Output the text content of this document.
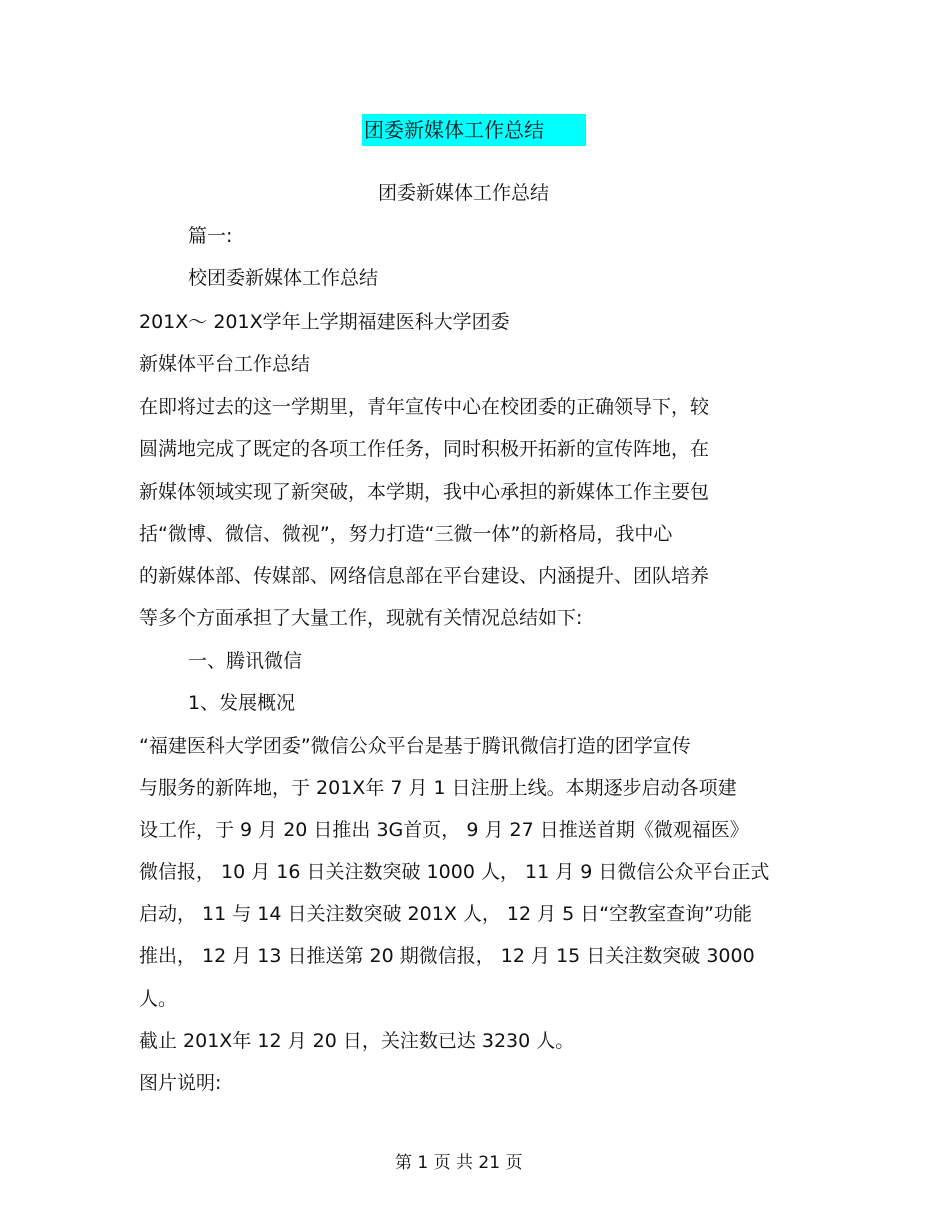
团委新媒体工作总结
团委新媒体工作总结
篇一:
校团委新媒体工作总结
201X～ 201X学年上学期福建医科大学团委
新媒体平台工作总结
在即将过去的这一学期里，青年宣传中心在校团委的正确领导下，较
圆满地完成了既定的各项工作任务，同时积极开拓新的宣传阵地，在
新媒体领域实现了新突破，本学期，我中心承担的新媒体工作主要包
括“微博、微信、微视”，努力打造“三微一体”的新格局，我中心
的新媒体部、传媒部、网络信息部在平台建设、内涵提升、团队培养
等多个方面承担了大量工作，现就有关情况总结如下:
一、腾讯微信
1、发展概况
“福建医科大学团委”微信公众平台是基于腾讯微信打造的团学宣传
与服务的新阵地，于 201X年 7 月 1 日注册上线。本期逐步启动各项建
设工作，于 9 月 20 日推出 3G首页， 9 月 27 日推送首期《微观福医》
微信报， 10 月 16 日关注数突破 1000 人， 11 月 9 日微信公众平台正式
启动， 11 与 14 日关注数突破 201X 人， 12 月 5 日“空教室查询”功能
推出， 12 月 13 日推送第 20 期微信报， 12 月 15 日关注数突破 3000
人。
截止 201X年 12 月 20 日，关注数已达 3230 人。
图片说明:
第 1 页 共 21 页
